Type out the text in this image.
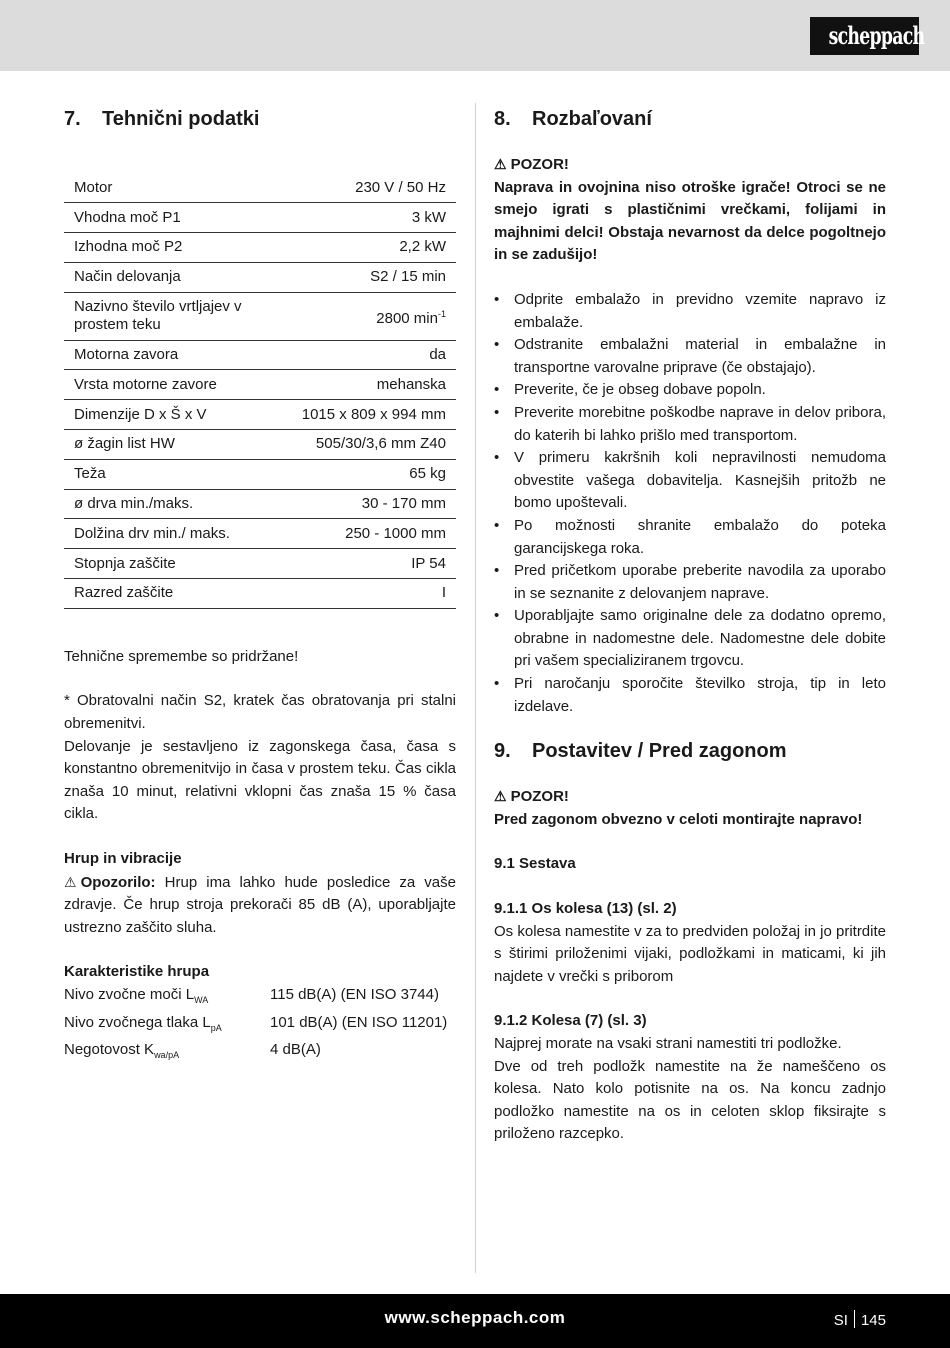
scheppach
7. Tehnični podatki
Motor	230 V / 50 Hz
Vhodna moč P1	3 kW
Izhodna moč P2	2,2 kW
Način delovanja	S2 / 15 min
Nazivno število vrtljajev v prostem teku	2800 $\min^{-1}$
Motorna zavora	da
Vrsta motorne zavore	mehanska
Dimenzije D x Š x V	1015 x 809 x 994 mm
ø žagin list HW	505/30/3,6 mm Z40
Teža	65 kg
ø drva min./maks.	30 - 170 mm
Dolžina drv min./ maks.	250 - 1000 mm
Stopnja zaščite	IP 54
Razred zaščite	I

Tehnične spremembe so pridržane!

* Obratovalni način S2, kratek čas obratovanja pri stalni obremenitvi.

Delovanje je sestavljeno iz zagonskega časa, časa s konstantno obremenitvijo in časa v prostem teku. Čas cikla znaša 10 minut, relativni vklopni čas znaša 15 % časa cikla.

Hrup in vibracije

⚠ Opozorilo: Hrup ima lahko hude posledice za vaše zdravje. Če hrup stroja prekorači 85 dB (A), uporabljajte ustrezno zaščito sluha.

Karakteristike hrupa

Nivo zvočne moči $L_{WA}$	115 dB(A) (EN ISO 3744)
Nivo zvočnega tlaka $L_{pA}$	101 dB(A) (EN ISO 11201)
Negotovost $K_{wa/pA}$	4 dB(A)
8. Rozbaľovaní

⚠ POZOR!

Naprava in ovojnina niso otroške igrače! Otroci se ne smejo igrati s plastičnimi vrečkami, folijami in majhnimi delci! Obstaja nevarnost da delce pogoltnejo in se zadušijo!

• Odprite embalažo in previdno vzemite napravo iz embalaže.
• Odstranite embalažni material in embalažne in transportne varovalne priprave (če obstajajo).
• Preverite, če je obseg dobave popoln.
• Preverite morebitne poškodbe naprave in delov pribora, do katerih bi lahko prišlo med transportom.
• V primeru kakršnih koli nepravilnosti nemudoma obvestite vašega dobavitelja. Kasnejših pritožb ne bomo upoštevali.
• Po možnosti shranite embalažo do poteka garancijskega roka.
• Pred pričetkom uporabe preberite navodila za uporabo in se seznanite z delovanjem naprave.
• Uporabljajte samo originalne dele za dodatno opremo, obrabne in nadomestne dele. Nadomestne dele dobite pri vašem specializiranem trgovcu.
• Pri naročanju sporočite številko stroja, tip in leto izdelave.
9. Postavitev / Pred zagonom

⚠ POZOR!

Pred zagonom obvezno v celoti montirajte napravo!

9.1 Sestava

9.1.1 Os kolesa (13) (sl. 2)

Os kolesa namestite v za to predviden položaj in jo pritrdite s štirimi priloženimi vijaki, podložkami in maticami, ki jih najdete v vrečki s priborom

9.1.2 Kolesa (7) (sl. 3)

Najprej morate na vsaki strani namestiti tri podložke.

Dve od treh podložk namestite na že nameščeno os kolesa. Nato kolo potisnite na os. Na koncu zadnjo podložko namestite na os in celoten sklop fiksirajte s priloženo razcepko.

www.scheppach.com	SI 145
